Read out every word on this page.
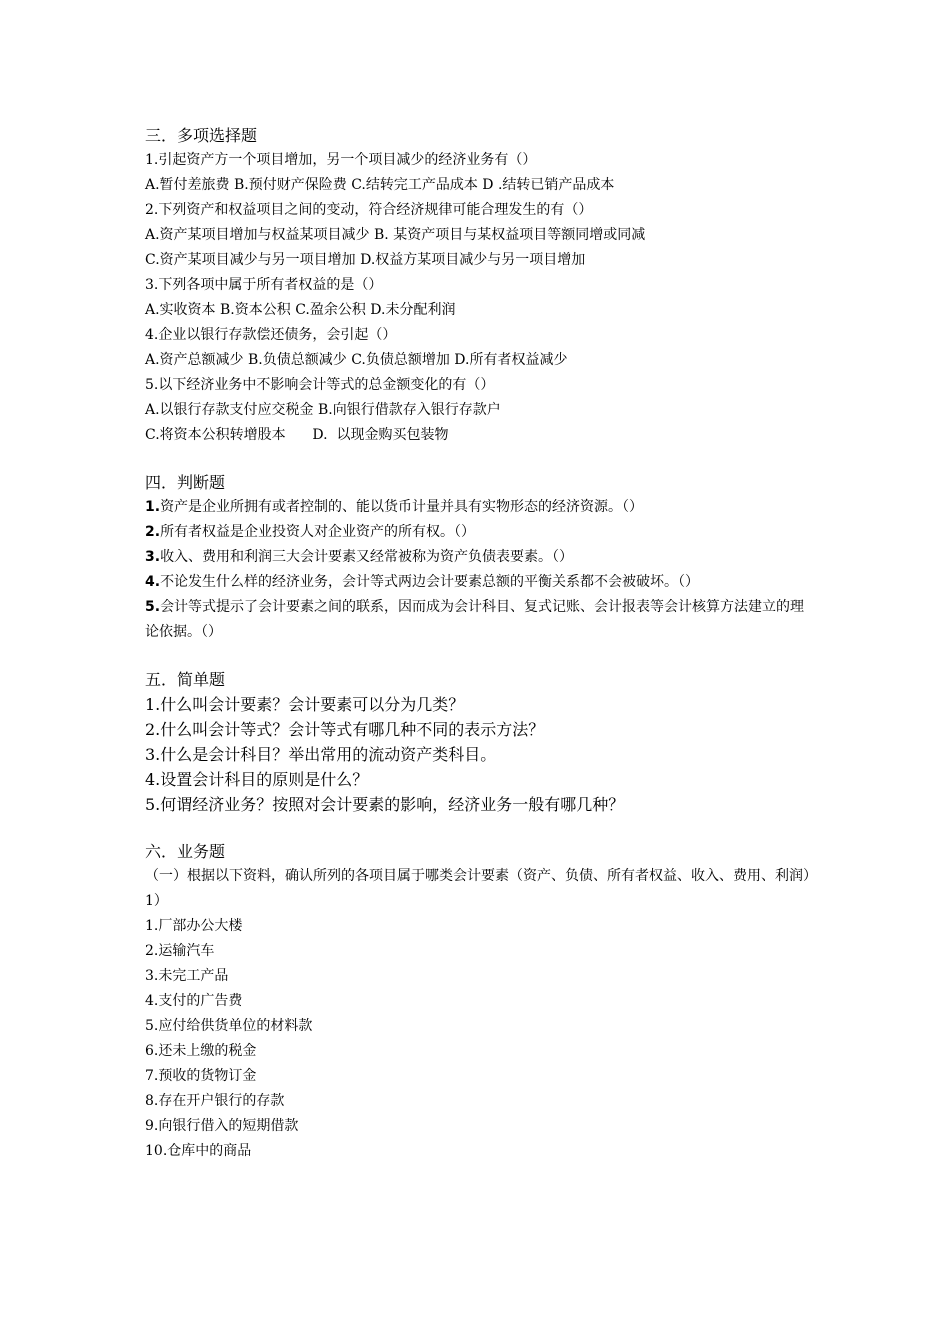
三．多项选择题

1.引起资产方一个项目增加，另一个项目减少的经济业务有（）

A.暂付差旅费 B.预付财产保险费 C.结转完工产品成本 D .结转已销产品成本

2.下列资产和权益项目之间的变动，符合经济规律可能合理发生的有（）

A.资产某项目增加与权益某项目减少 B. 某资产项目与某权益项目等额同增或同减

C.资产某项目减少与另一项目增加 D.权益方某项目减少与另一项目增加

3.下列各项中属于所有者权益的是（）

A.实收资本 B.资本公积 C.盈余公积 D.未分配利润

4.企业以银行存款偿还债务，会引起（）

A.资产总额减少 B.负债总额减少 C.负债总额增加 D.所有者权益减少

5.以下经济业务中不影响会计等式的总金额变化的有（）

A.以银行存款支付应交税金 B.向银行借款存入银行存款户

C.将资本公积转增股本      D.  以现金购买包装物

四．判断题

1.资产是企业所拥有或者控制的、能以货币计量并具有实物形态的经济资源。（）

2.所有者权益是企业投资人对企业资产的所有权。（）

3.收入、费用和利润三大会计要素又经常被称为资产负债表要素。（）

4.不论发生什么样的经济业务，会计等式两边会计要素总额的平衡关系都不会被破坏。（）

5.会计等式提示了会计要素之间的联系，因而成为会计科目、复式记账、会计报表等会计核算方法建立的理论依据。（）

五．简单题

1.什么叫会计要素？会计要素可以分为几类？

2.什么叫会计等式？会计等式有哪几种不同的表示方法？

3.什么是会计科目？举出常用的流动资产类科目。

4.设置会计科目的原则是什么？

5.何谓经济业务？按照对会计要素的影响，经济业务一般有哪几种？

六．业务题

（一）根据以下资料，确认所列的各项目属于哪类会计要素（资产、负债、所有者权益、收入、费用、利润）

1）

1.厂部办公大楼

2.运输汽车

3.未完工产品

4.支付的广告费

5.应付给供货单位的材料款

6.还未上缴的税金

7.预收的货物订金

8.存在开户银行的存款

9.向银行借入的短期借款

10.仓库中的商品
